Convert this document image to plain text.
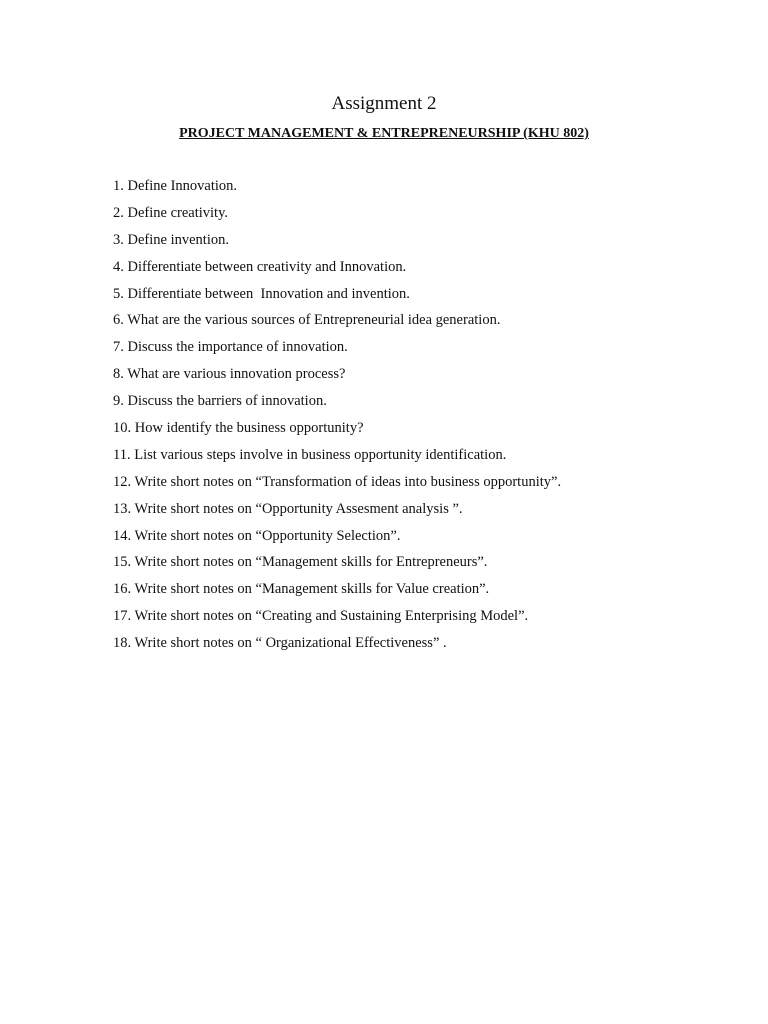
Assignment 2
PROJECT MANAGEMENT & ENTREPRENEURSHIP (KHU 802)
1. Define Innovation.
2. Define creativity.
3. Define invention.
4. Differentiate between creativity and Innovation.
5. Differentiate between  Innovation and invention.
6. What are the various sources of Entrepreneurial idea generation.
7. Discuss the importance of innovation.
8. What are various innovation process?
9. Discuss the barriers of innovation.
10. How identify the business opportunity?
11. List various steps involve in business opportunity identification.
12. Write short notes on “Transformation of ideas into business opportunity”.
13. Write short notes on “Opportunity Assesment analysis ”.
14. Write short notes on “Opportunity Selection”.
15. Write short notes on “Management skills for Entrepreneurs”.
16. Write short notes on “Management skills for Value creation”.
17. Write short notes on “Creating and Sustaining Enterprising Model”.
18. Write short notes on “ Organizational Effectiveness” .
